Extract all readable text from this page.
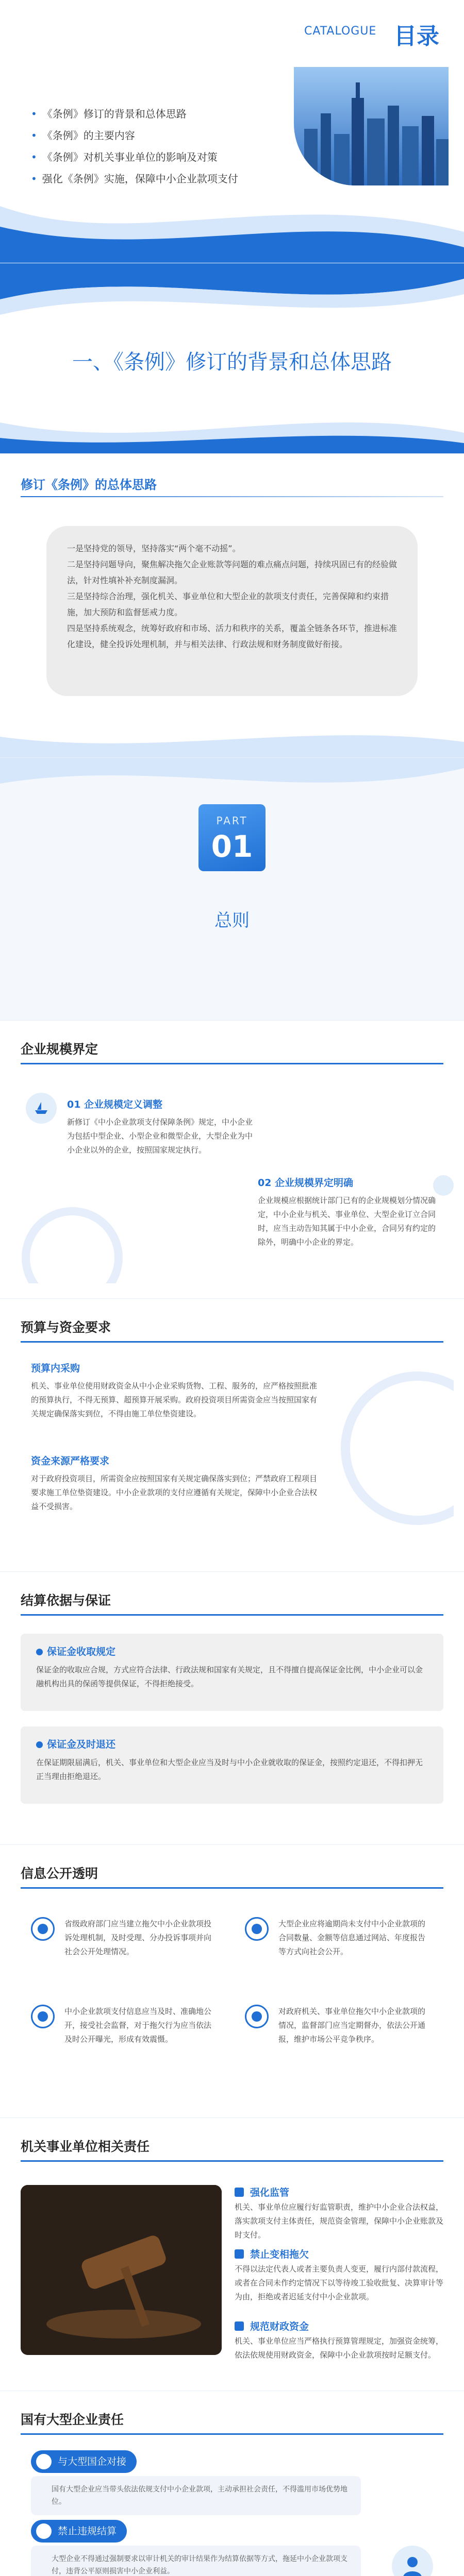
CATALOGUE 目录
• 《条例》修订的背景和总体思路
• 《条例》的主要内容
• 《条例》对机关事业单位的影响及对策
• 强化《条例》实施，保障中小企业款项支付
一、《条例》修订的背景和总体思路
修订《条例》的总体思路

一是坚持党的领导，坚持落实“两个毫不动摇”。

二是坚持问题导向，聚焦解决拖欠企业账款等问题的难点痛点问题，持续巩固已有的经验做法，针对性填补补充制度漏洞。

三是坚持综合治理，强化机关、事业单位和大型企业的款项支付责任，完善保障和约束措施，加大预防和监督惩戒力度。

四是坚持系统观念，统筹好政府和市场、活力和秩序的关系，覆盖全链条各环节，推进标准化建设，健全投诉处理机制，并与相关法律、行政法规和财务制度做好衔接。

PART
01
总则
企业规模界定
01 企业规模定义调整
新修订《中小企业款项支付保障条例》规定，中小企业为包括中型企业、小型企业和微型企业，大型企业为中小企业以外的企业，按照国家规定执行。
02 企业规模界定明确
企业规模应根据统计部门已有的企业规模划分情况确定，中小企业与机关、事业单位、大型企业订立合同时，应当主动告知其属于中小企业，合同另有约定的除外，明确中小企业的界定。
预算与资金要求
预算内采购
机关、事业单位使用财政资金从中小企业采购货物、工程、服务的，应严格按照批准的预算执行，不得无预算、超预算开展采购。政府投资项目所需资金应当按照国家有关规定确保落实到位，不得由施工单位垫资建设。
资金来源严格要求
对于政府投资项目，所需资金应按照国家有关规定确保落实到位；严禁政府工程项目要求施工单位垫资建设。中小企业款项的支付应遵循有关规定，保障中小企业合法权益不受损害。
结算依据与保证
保证金收取规定
保证金的收取应合规，方式应符合法律、行政法规和国家有关规定，且不得擅自提高保证金比例，中小企业可以金融机构出具的保函等提供保证，不得拒绝接受。
保证金及时退还
在保证期限届满后，机关、事业单位和大型企业应当及时与中小企业就收取的保证金，按照约定退还，不得扣押无正当理由拒绝退还。
信息公开透明
省级政府部门应当建立拖欠中小企业款项投诉处理机制，及时受理、分办投诉事项并向社会公开处理情况。
中小企业款项支付信息应当及时、准确地公开，接受社会监督，对于拖欠行为应当依法及时公开曝光，形成有效震慑。
大型企业应将逾期尚未支付中小企业款项的合同数量、金额等信息通过网站、年度报告等方式向社会公开。
对政府机关、事业单位拖欠中小企业款项的情况，监督部门应当定期督办，依法公开通报，维护市场公平竞争秩序。
机关事业单位相关责任
强化监管
机关、事业单位应履行好监管职责，维护中小企业合法权益，落实款项支付主体责任，规范资金管理，保障中小企业账款及时支付。
禁止变相拖欠
不得以法定代表人或者主要负责人变更，履行内部付款流程，或者在合同未作约定情况下以等待竣工验收批复、决算审计等为由，拒绝或者迟延支付中小企业款项。
规范财政资金
机关、事业单位应当严格执行预算管理规定，加强资金统筹，依法依规使用财政资金，保障中小企业款项按时足额支付。
国有大型企业责任
与大型国企对接
国有大型企业应当带头依法依规支付中小企业款项，主动承担社会责任，不得滥用市场优势地位。
禁止违规结算
大型企业不得通过强制要求以审计机关的审计结果作为结算依据等方式，拖延中小企业款项支付，违背公平原则损害中小企业利益。
